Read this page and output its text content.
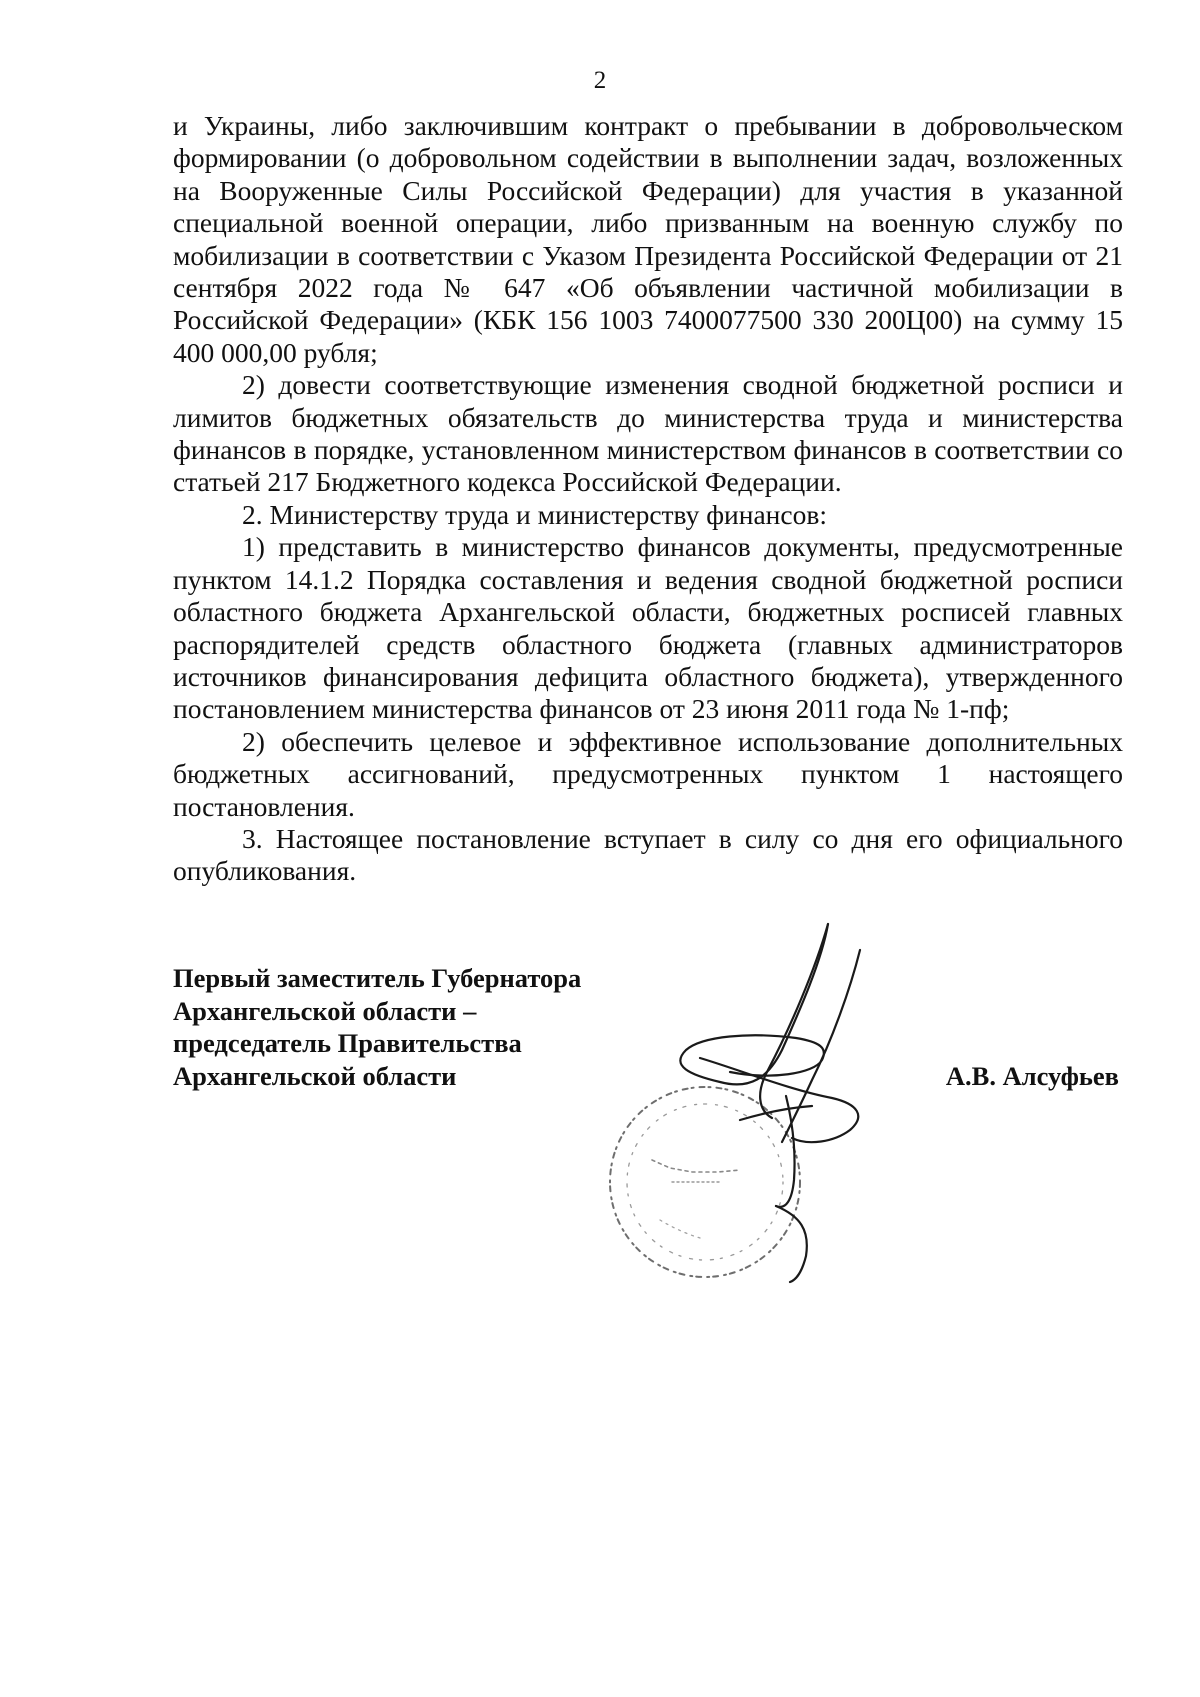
2

и Украины, либо заключившим контракт о пребывании в добровольческом формировании (о добровольном содействии в выполнении задач, возложенных на Вооруженные Силы Российской Федерации) для участия в указанной специальной военной операции, либо призванным на военную службу по мобилизации в соответствии с Указом Президента Российской Федерации от 21 сентября 2022 года № 647 «Об объявлении частичной мобилизации в Российской Федерации» (КБК 156 1003 7400077500 330 200Ц00) на сумму 15 400 000,00 рубля;

2) довести соответствующие изменения сводной бюджетной росписи и лимитов бюджетных обязательств до министерства труда и министерства финансов в порядке, установленном министерством финансов в соответствии со статьей 217 Бюджетного кодекса Российской Федерации.

2. Министерству труда и министерству финансов:

1) представить в министерство финансов документы, предусмотренные пунктом 14.1.2 Порядка составления и ведения сводной бюджетной росписи областного бюджета Архангельской области, бюджетных росписей главных распорядителей средств областного бюджета (главных администраторов источников финансирования дефицита областного бюджета), утвержденного постановлением министерства финансов от 23 июня 2011 года № 1-пф;

2) обеспечить целевое и эффективное использование дополнительных бюджетных ассигнований, предусмотренных пунктом 1 настоящего постановления.

3. Настоящее постановление вступает в силу со дня его официального опубликования.

Первый заместитель Губернатора
Архангельской области –
председатель Правительства
Архангельской области	А.В. Алсуфьев
